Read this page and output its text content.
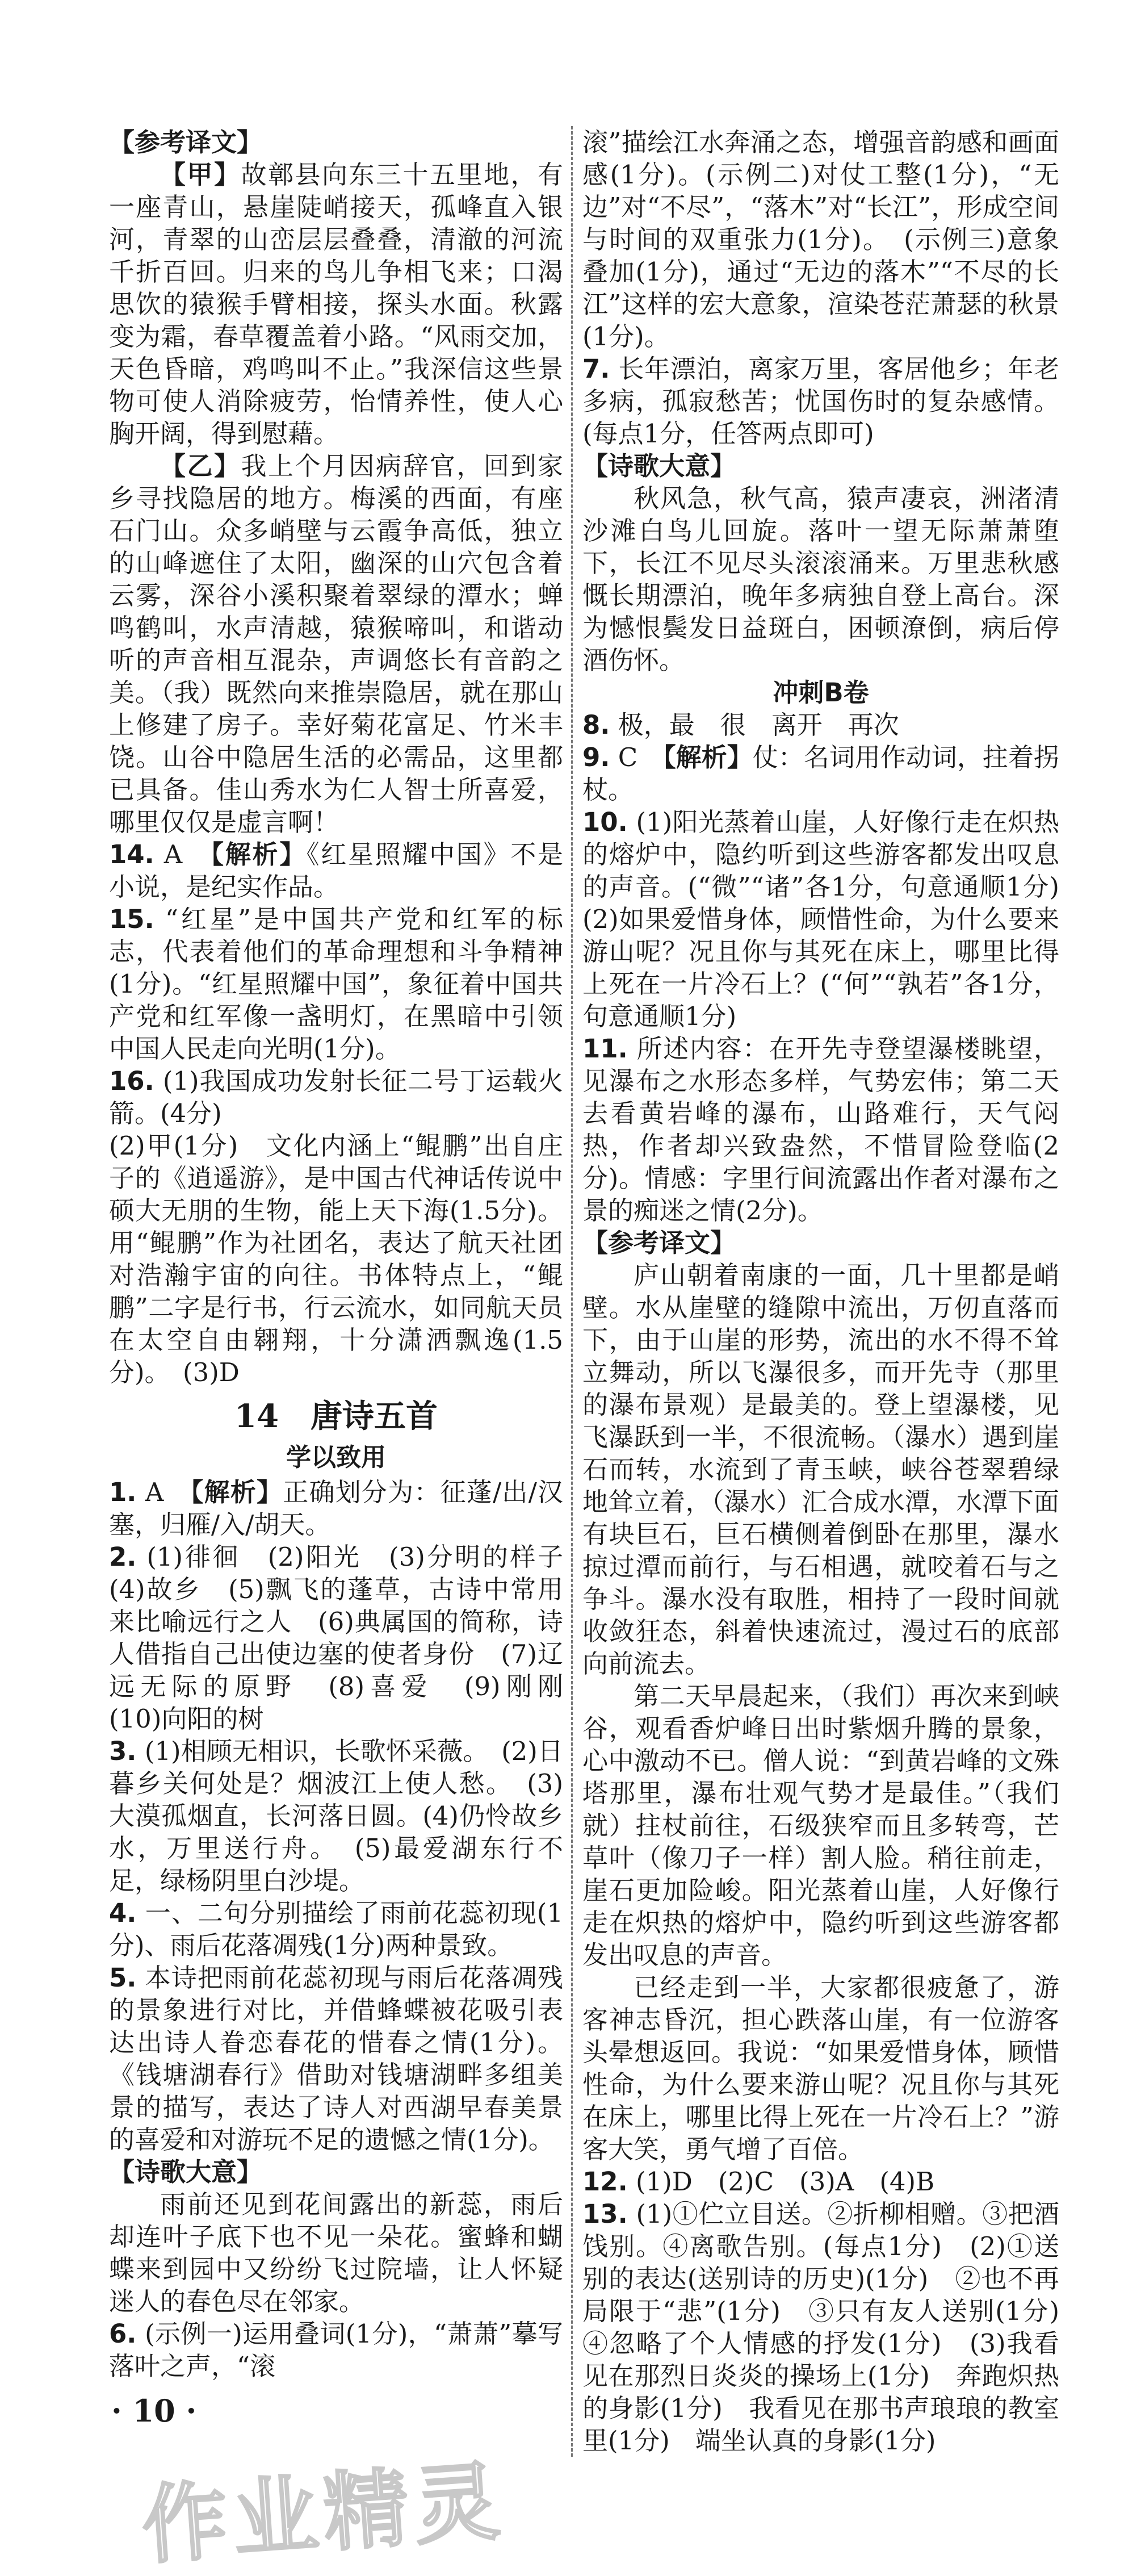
【参考译文】

【甲】故鄣县向东三十五里地，有一座青山，悬崖陡峭接天，孤峰直入银河，青翠的山峦层层叠叠，清澈的河流千折百回。归来的鸟儿争相飞来；口渴思饮的猿猴手臂相接，探头水面。秋露变为霜，春草覆盖着小路。“风雨交加，天色昏暗，鸡鸣叫不止。”我深信这些景物可使人消除疲劳，怡情养性，使人心胸开阔，得到慰藉。

【乙】我上个月因病辞官，回到家乡寻找隐居的地方。梅溪的西面，有座石门山。众多峭壁与云霞争高低，独立的山峰遮住了太阳，幽深的山穴包含着云雾，深谷小溪积聚着翠绿的潭水；蝉鸣鹤叫，水声清越，猿猴啼叫，和谐动听的声音相互混杂，声调悠长有音韵之美。（我）既然向来推崇隐居，就在那山上修建了房子。幸好菊花富足、竹米丰饶。山谷中隐居生活的必需品，这里都已具备。佳山秀水为仁人智士所喜爱，哪里仅仅是虚言啊！

14. A　【解析】《红星照耀中国》不是小说，是纪实作品。

15. “红星”是中国共产党和红军的标志，代表着他们的革命理想和斗争精神(1分)。“红星照耀中国”，象征着中国共产党和红军像一盏明灯，在黑暗中引领中国人民走向光明(1分)。

16. (1)我国成功发射长征二号丁运载火箭。(4分)

(2)甲(1分)　文化内涵上“鲲鹏”出自庄子的《逍遥游》，是中国古代神话传说中硕大无朋的生物，能上天下海(1.5分)。用“鲲鹏”作为社团名，表达了航天社团对浩瀚宇宙的向往。书体特点上，“鲲鹏”二字是行书，行云流水，如同航天员在太空自由翱翔，十分潇洒飘逸(1.5分)。　(3)D

14　唐诗五首

学以致用

1. A　【解析】正确划分为：征蓬/出/汉塞，归雁/入/胡天。

2. (1)徘徊　(2)阳光　(3)分明的样子　(4)故乡　(5)飘飞的蓬草，古诗中常用来比喻远行之人　(6)典属国的简称，诗人借指自己出使边塞的使者身份　(7)辽远无际的原野　(8)喜爱　(9)刚刚　(10)向阳的树

3. (1)相顾无相识，长歌怀采薇。　(2)日暮乡关何处是？烟波江上使人愁。　(3)大漠孤烟直，长河落日圆。(4)仍怜故乡水，万里送行舟。　(5)最爱湖东行不足，绿杨阴里白沙堤。

4. 一、二句分别描绘了雨前花蕊初现(1分)、雨后花落凋残(1分)两种景致。

5. 本诗把雨前花蕊初现与雨后花落凋残的景象进行对比，并借蜂蝶被花吸引表达出诗人眷恋春花的惜春之情(1分)。《钱塘湖春行》借助对钱塘湖畔多组美景的描写，表达了诗人对西湖早春美景的喜爱和对游玩不足的遗憾之情(1分)。

【诗歌大意】

雨前还见到花间露出的新蕊，雨后却连叶子底下也不见一朵花。蜜蜂和蝴蝶来到园中又纷纷飞过院墙，让人怀疑迷人的春色尽在邻家。

6. (示例一)运用叠词(1分)，“萧萧”摹写落叶之声，“滚

滚”描绘江水奔涌之态，增强音韵感和画面感(1分)。(示例二)对仗工整(1分)，“无边”对“不尽”，“落木”对“长江”，形成空间与时间的双重张力(1分)。　(示例三)意象叠加(1分)，通过“无边的落木”“不尽的长江”这样的宏大意象，渲染苍茫萧瑟的秋景(1分)。

7. 长年漂泊，离家万里，客居他乡；年老多病，孤寂愁苦；忧国伤时的复杂感情。(每点1分，任答两点即可)

【诗歌大意】

秋风急，秋气高，猿声凄哀，洲渚清沙滩白鸟儿回旋。落叶一望无际萧萧堕下，长江不见尽头滚滚涌来。万里悲秋感慨长期漂泊，晚年多病独自登上高台。深为憾恨鬓发日益斑白，困顿潦倒，病后停酒伤怀。

冲刺B卷

8. 极，最　很　离开　再次

9. C　【解析】仗：名词用作动词，拄着拐杖。

10. (1)阳光蒸着山崖，人好像行走在炽热的熔炉中，隐约听到这些游客都发出叹息的声音。(“微”“诸”各1分，句意通顺1分)　(2)如果爱惜身体，顾惜性命，为什么要来游山呢？况且你与其死在床上，哪里比得上死在一片冷石上？(“何”“孰若”各1分，句意通顺1分)

11. 所述内容：在开先寺登望瀑楼眺望，见瀑布之水形态多样，气势宏伟；第二天去看黄岩峰的瀑布，山路难行，天气闷热，作者却兴致盎然，不惜冒险登临(2分)。情感：字里行间流露出作者对瀑布之景的痴迷之情(2分)。

【参考译文】

庐山朝着南康的一面，几十里都是峭壁。水从崖壁的缝隙中流出，万仞直落而下，由于山崖的形势，流出的水不得不耸立舞动，所以飞瀑很多，而开先寺（那里的瀑布景观）是最美的。登上望瀑楼，见飞瀑跃到一半，不很流畅。（瀑水）遇到崖石而转，水流到了青玉峡，峡谷苍翠碧绿地耸立着，（瀑水）汇合成水潭，水潭下面有块巨石，巨石横侧着倒卧在那里，瀑水掠过潭而前行，与石相遇，就咬着石与之争斗。瀑水没有取胜，相持了一段时间就收敛狂态，斜着快速流过，漫过石的底部向前流去。

第二天早晨起来，（我们）再次来到峡谷，观看香炉峰日出时紫烟升腾的景象，心中激动不已。僧人说：“到黄岩峰的文殊塔那里，瀑布壮观气势才是最佳。”（我们就）拄杖前往，石级狭窄而且多转弯，芒草叶（像刀子一样）割人脸。稍往前走，崖石更加险峻。阳光蒸着山崖，人好像行走在炽热的熔炉中，隐约听到这些游客都发出叹息的声音。

已经走到一半，大家都很疲惫了，游客神志昏沉，担心跌落山崖，有一位游客头晕想返回。我说：“如果爱惜身体，顾惜性命，为什么要来游山呢？况且你与其死在床上，哪里比得上死在一片冷石上？”游客大笑，勇气增了百倍。

12. (1)D　(2)C　(3)A　(4)B

13. (1)①伫立目送。②折柳相赠。③把酒饯别。④离歌告别。(每点1分)　(2)①送别的表达(送别诗的历史)(1分)　②也不再局限于“悲”(1分)　③只有友人送别(1分)　④忽略了个人情感的抒发(1分)　(3)我看见在那烈日炎炎的操场上(1分)　奔跑炽热的身影(1分)　我看见在那书声琅琅的教室里(1分)　端坐认真的身影(1分)

· 10 ·
作业精灵
